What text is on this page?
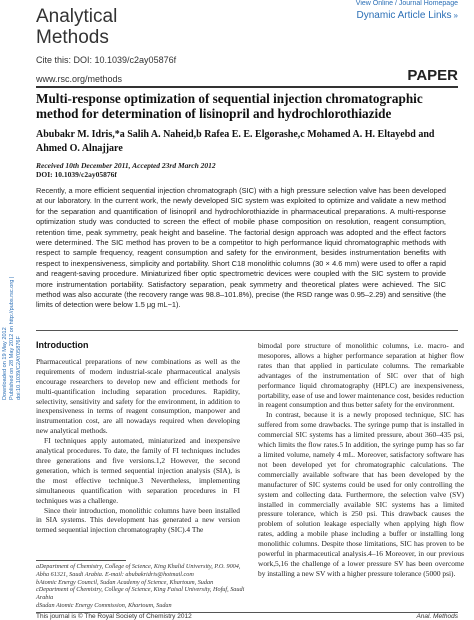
Analytical
Methods
View Online / Journal Homepage
Dynamic Article Links »
Cite this: DOI: 10.1039/c2ay05876f
www.rsc.org/methods	PAPER
Downloaded on 19 May 2012 Published on 28 May 2012 on http://pubs.rsc.org | doi:10.1039/C2AY05876F
Multi-response optimization of sequential injection chromatographic method for determination of lisinopril and hydrochlorothiazide
Abubakr M. Idris,*a Salih A. Naheid,b Rafea E. E. Elgorashe,c Mohamed A. H. Eltayebd and Ahmed O. Alnajjare
Received 10th December 2011, Accepted 23rd March 2012
DOI: 10.1039/c2ay05876f
Recently, a more efficient sequential injection chromatograph (SIC) with a high pressure selection valve has been developed at our laboratory. In the current work, the newly developed SIC system was exploited to optimize and validate a new method for the separation and quantification of lisinopril and hydrochlorothiazide in pharmaceutical preparations. A multi-response optimization study was conducted to screen the effect of mobile phase composition on resolution, reagent consumption, retention time, peak symmetry, peak height and baseline. The factorial design approach was adopted and the effect factors were determined. The SIC method has proven to be a competitor to high performance liquid chromatographic methods with respect to sample frequency, reagent consumption and safety for the environment, besides instrumentation benefits with respect to inexpensiveness, simplicity and portability. Short C18 monolithic columns (30 × 4.6 mm) were used to offer a rapid and reagent-saving procedure. Miniaturized fiber optic spectrometric devices were coupled with the SIC system to provide more instrumentation portability. Satisfactory separation, peak symmetry and theoretical plates were achieved. The SIC method was also accurate (the recovery range was 98.8–101.8%), precise (the RSD range was 0.95–2.29) and sensitive (the limits of detection were below 1.5 μg mL−1).
Introduction

Pharmaceutical preparations of new combinations as well as the requirements of modern industrial-scale pharmaceutical analysis encourage researchers to develop new and efficient methods for multi-quantification including separation procedures. Rapidity, selectivity, sensitivity and safety for the environment, in addition to inexpensiveness in terms of reagent consumption, manpower and instrumentation cost, are all nowadays required when developing new analytical methods.

FI techniques apply automated, miniaturized and inexpensive analytical procedures. To date, the family of FI techniques includes three generations and five versions.1,2 However, the second generation, which is termed sequential injection analysis (SIA), is the most effective technique.3 Nevertheless, implementing simultaneous quantification with separation procedures in FI techniques was a challenge.

Since their introduction, monolithic columns have been installed in SIA systems. This development has generated a new version termed sequential injection chromatography (SIC).4 The

bimodal pore structure of monolithic columns, i.e. macro- and mesopores, allows a higher performance separation at higher flow rates than that applied in particulate columns. The remarkable advantages of the instrumentation of SIC over that of high performance liquid chromatography (HPLC) are inexpensiveness, portability, ease of use and lower maintenance cost, besides reduction in reagent consumption and thus better safety for the environment.

In contrast, because it is a newly proposed technique, SIC has suffered from some drawbacks. The syringe pump that is installed in commercial SIC systems has a limited pressure, about 360–435 psi, which limits the flow rates.5 In addition, the syringe pump has so far a limited volume, namely 4 mL. Moreover, satisfactory software has not been developed yet for chromatographic calculations. The commercially available software that has been developed by the manufacturer of SIC systems could be used for only controlling the system and collecting data. Furthermore, the selection valve (SV) installed in commercially available SIC systems has a limited pressure tolerance, which is 250 psi. This drawback causes the problem of solution leakage especially when applying high flow rates, adding a mobile phase including a buffer or installing long monolithic columns. Despite those limitations, SIC has proven to be powerful in pharmaceutical analysis.4–16 Moreover, in our previous work,5,16 the challenge of a lower pressure SV has been overcome by installing a new SV with a higher pressure tolerance (5000 psi).

aDepartment of Chemistry, College of Science, King Khalid University, P.O. 9004, Abha 61321, Saudi Arabia. E-mail: abubakridris@hotmail.com
bAtomic Energy Council, Sudan Academy of Science, Khartoum, Sudan
cDepartment of Chemistry, College of Science, King Faisal University, Hofuf, Saudi Arabia
dSudan Atomic Energy Commission, Khartoum, Sudan
This journal is © The Royal Society of Chemistry 2012	Anal. Methods
